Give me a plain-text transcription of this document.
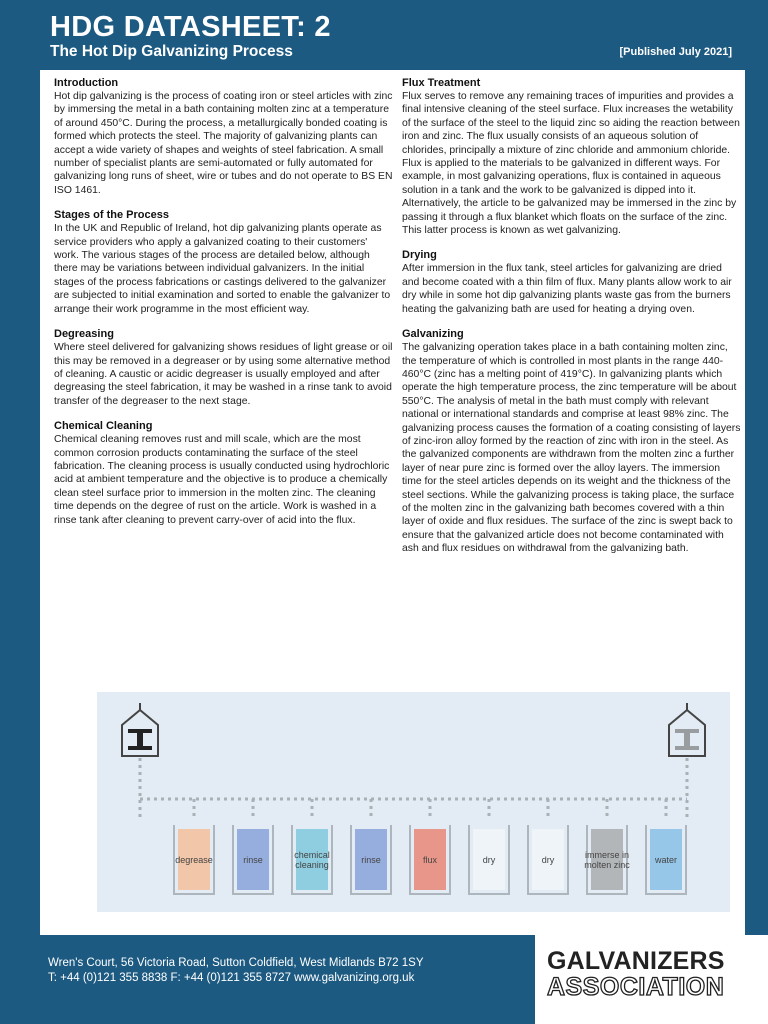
HDG DATASHEET: 2
The Hot Dip Galvanizing Process	[Published July 2021]
Introduction

Hot dip galvanizing is the process of coating iron or steel articles with zinc by immersing the metal in a bath containing molten zinc at a temperature of around 450°C. During the process, a metallurgically bonded coating is formed which protects the steel. The majority of galvanizing plants can accept a wide variety of shapes and weights of steel fabrication. A small number of specialist plants are semi-automated or fully automated for galvanizing long runs of sheet, wire or tubes and do not operate to BS EN ISO 1461.

Stages of the Process

In the UK and Republic of Ireland, hot dip galvanizing plants operate as service providers who apply a galvanized coating to their customers' work. The various stages of the process are detailed below, although there may be variations between individual galvanizers. In the initial stages of the process fabrications or castings delivered to the galvanizer are subjected to initial examination and sorted to enable the galvanizer to arrange their work programme in the most efficient way.

Degreasing

Where steel delivered for galvanizing shows residues of light grease or oil this may be removed in a degreaser or by using some alternative method of cleaning. A caustic or acidic degreaser is usually employed and after degreasing the steel fabrication, it may be washed in a rinse tank to avoid transfer of the degreaser to the next stage.

Chemical Cleaning

Chemical cleaning removes rust and mill scale, which are the most common corrosion products contaminating the surface of the steel fabrication. The cleaning process is usually conducted using hydrochloric acid at ambient temperature and the objective is to produce a chemically clean steel surface prior to immersion in the molten zinc. The cleaning time depends on the degree of rust on the article. Work is washed in a rinse tank after cleaning to prevent carry-over of acid into the flux.

Flux Treatment

Flux serves to remove any remaining traces of impurities and provides a final intensive cleaning of the steel surface. Flux increases the wetability of the surface of the steel to the liquid zinc so aiding the reaction between iron and zinc. The flux usually consists of an aqueous solution of chlorides, principally a mixture of zinc chloride and ammonium chloride. Flux is applied to the materials to be galvanized in different ways. For example, in most galvanizing operations, flux is contained in aqueous solution in a tank and the work to be galvanized is dipped into it. Alternatively, the article to be galvanized may be immersed in the zinc by passing it through a flux blanket which floats on the surface of the zinc. This latter process is known as wet galvanizing.

Drying

After immersion in the flux tank, steel articles for galvanizing are dried and become coated with a thin film of flux. Many plants allow work to air dry while in some hot dip galvanizing plants waste gas from the burners heating the galvanizing bath are used for heating a drying oven.

Galvanizing

The galvanizing operation takes place in a bath containing molten zinc, the temperature of which is controlled in most plants in the range 440-460°C (zinc has a melting point of 419°C). In galvanizing plants which operate the high temperature process, the zinc temperature will be about 550°C. The analysis of metal in the bath must comply with relevant national or international standards and comprise at least 98% zinc. The galvanizing process causes the formation of a coating consisting of layers of zinc-iron alloy formed by the reaction of zinc with iron in the steel. As the galvanized components are withdrawn from the molten zinc a further layer of near pure zinc is formed over the alloy layers. The immersion time for the steel articles depends on its weight and the thickness of the steel sections. While the galvanizing process is taking place, the surface of the molten zinc in the galvanizing bath becomes covered with a thin layer of oxide and flux residues. The surface of the zinc is swept back to ensure that the galvanized article does not become contaminated with ash and flux residues on withdrawal from the galvanizing bath.

degrease	rinse	chemical cleaning	rinse	flux	dry	dry	immerse in molten zinc	water
Wren's Court, 56 Victoria Road, Sutton Coldfield, West Midlands B72 1SY
T: +44 (0)121 355 8838 F: +44 (0)121 355 8727 www.galvanizing.org.uk
GALVANIZERS
ASSOCIATION
